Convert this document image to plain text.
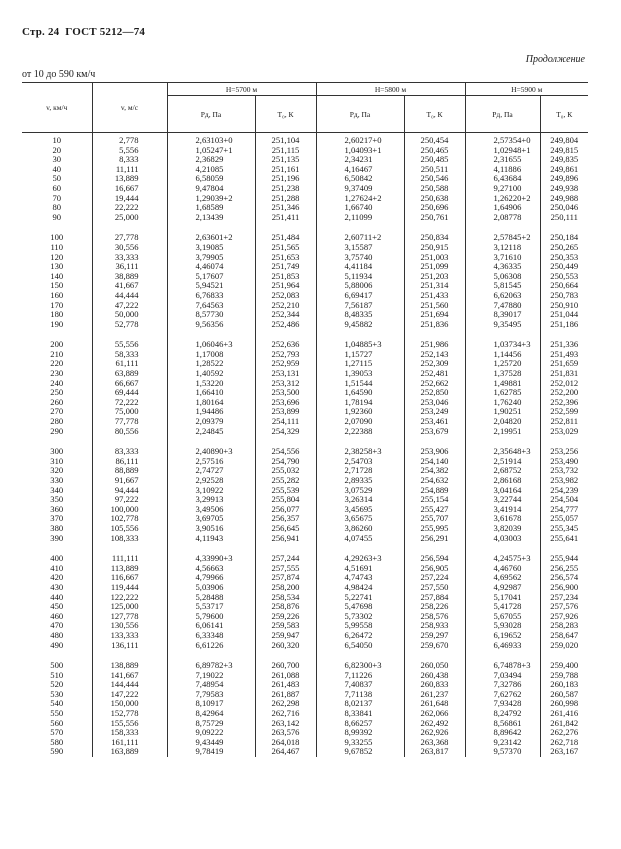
Стр. 24 ГОСТ 5212—74
Продолжение
от 10 до 590 км/ч
v, км/ч	v, м/с	H=5700 м		H=5800 м		H=5900 м	
		Pд, Па	T₀, К	Pд, Па	T₀, К	Pд, Па	T₀, К
10	2,778	2,63103+0	251,104	2,60217+0	250,454	2,57354+0	249,804
20	5,556	1,05247+1	251,115	1,04093+1	250,465	1,02948+1	249,815
30	8,333	2,36829	251,135	2,34231	250,485	2,31655	249,835
40	11,111	4,21085	251,161	4,16467	250,511	4,11886	249,861
50	13,889	6,58059	251,196	6,50842	250,546	6,43684	249,896
60	16,667	9,47804	251,238	9,37409	250,588	9,27100	249,938
70	19,444	1,29039+2	251,288	1,27624+2	250,638	1,26220+2	249,988
80	22,222	1,68589	251,346	1,66740	250,696	1,64906	250,046
90	25,000	2,13439	251,411	2,11099	250,761	2,08778	250,111

100	27,778	2,63601+2	251,484	2,60711+2	250,834	2,57845+2	250,184
110	30,556	3,19085	251,565	3,15587	250,915	3,12118	250,265
120	33,333	3,79905	251,653	3,75740	251,003	3,71610	250,353
130	36,111	4,46074	251,749	4,41184	251,099	4,36335	250,449
140	38,889	5,17607	251,853	5,11934	251,203	5,06308	250,553
150	41,667	5,94521	251,964	5,88006	251,314	5,81545	250,664
160	44,444	6,76833	252,083	6,69417	251,433	6,62063	250,783
170	47,222	7,64563	252,210	7,56187	251,560	7,47880	250,910
180	50,000	8,57730	252,344	8,48335	251,694	8,39017	251,044
190	52,778	9,56356	252,486	9,45882	251,836	9,35495	251,186

200	55,556	1,06046+3	252,636	1,04885+3	251,986	1,03734+3	251,336
210	58,333	1,17008	252,793	1,15727	252,143	1,14456	251,493
220	61,111	1,28522	252,959	1,27115	252,309	1,25720	251,659
230	63,889	1,40592	253,131	1,39053	252,481	1,37528	251,831
240	66,667	1,53220	253,312	1,51544	252,662	1,49881	252,012
250	69,444	1,66410	253,500	1,64590	252,850	1,62785	252,200
260	72,222	1,80164	253,696	1,78194	253,046	1,76240	252,396
270	75,000	1,94486	253,899	1,92360	253,249	1,90251	252,599
280	77,778	2,09379	254,111	2,07090	253,461	2,04820	252,811
290	80,556	2,24845	254,329	2,22388	253,679	2,19951	253,029

300	83,333	2,40890+3	254,556	2,38258+3	253,906	2,35648+3	253,256
310	86,111	2,57516	254,790	2,54703	254,140	2,51914	253,490
320	88,889	2,74727	255,032	2,71728	254,382	2,68752	253,732
330	91,667	2,92528	255,282	2,89335	254,632	2,86168	253,982
340	94,444	3,10922	255,539	3,07529	254,889	3,04164	254,239
350	97,222	3,29913	255,804	3,26314	255,154	3,22744	254,504
360	100,000	3,49506	256,077	3,45695	255,427	3,41914	254,777
370	102,778	3,69705	256,357	3,65675	255,707	3,61678	255,057
380	105,556	3,90516	256,645	3,86260	255,995	3,82039	255,345
390	108,333	4,11943	256,941	4,07455	256,291	4,03003	255,641

400	111,111	4,33990+3	257,244	4,29263+3	256,594	4,24575+3	255,944
410	113,889	4,56663	257,555	4,51691	256,905	4,46760	256,255
420	116,667	4,79966	257,874	4,74743	257,224	4,69562	256,574
430	119,444	5,03906	258,200	4,98424	257,550	4,92987	256,900
440	122,222	5,28488	258,534	5,22741	257,884	5,17041	257,234
450	125,000	5,53717	258,876	5,47698	258,226	5,41728	257,576
460	127,778	5,79600	259,226	5,73302	258,576	5,67055	257,926
470	130,556	6,06141	259,583	5,99558	258,933	5,93028	258,283
480	133,333	6,33348	259,947	6,26472	259,297	6,19652	258,647
490	136,111	6,61226	260,320	6,54050	259,670	6,46933	259,020

500	138,889	6,89782+3	260,700	6,82300+3	260,050	6,74878+3	259,400
510	141,667	7,19022	261,088	7,11226	260,438	7,03494	259,788
520	144,444	7,48954	261,483	7,40837	260,833	7,32786	260,183
530	147,222	7,79583	261,887	7,71138	261,237	7,62762	260,587
540	150,000	8,10917	262,298	8,02137	261,648	7,93428	260,998
550	152,778	8,42964	262,716	8,33841	262,066	8,24792	261,416
560	155,556	8,75729	263,142	8,66257	262,492	8,56861	261,842
570	158,333	9,09222	263,576	8,99392	262,926	8,89642	262,276
580	161,111	9,43449	264,018	9,33255	263,368	9,23142	262,718
590	163,889	9,78419	264,467	9,67852	263,817	9,57370	263,167
